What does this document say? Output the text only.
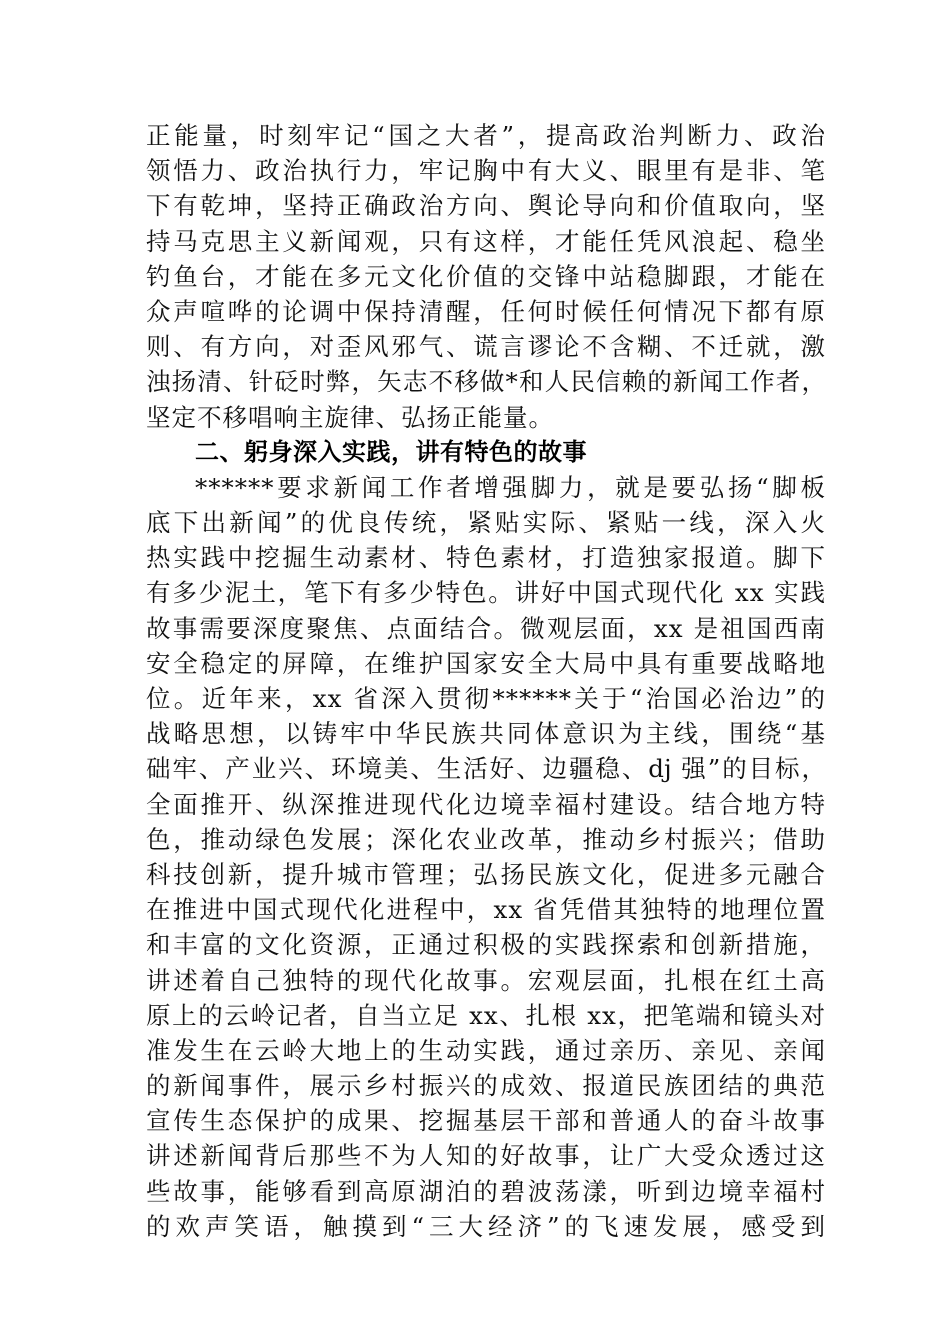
正能量，时刻牢记“国之大者”，提高政治判断力、政治
领悟力、政治执行力，牢记胸中有大义、眼里有是非、笔
下有乾坤，坚持正确政治方向、舆论导向和价值取向，坚
持马克思主义新闻观，只有这样，才能任凭风浪起、稳坐
钓鱼台，才能在多元文化价值的交锋中站稳脚跟，才能在
众声喧哗的论调中保持清醒，任何时候任何情况下都有原
则、有方向，对歪风邪气、谎言谬论不含糊、不迁就，激
浊扬清、针砭时弊，矢志不移做*和人民信赖的新闻工作者，
坚定不移唱响主旋律、弘扬正能量。
二、躬身深入实践，讲有特色的故事
******要求新闻工作者增强脚力，就是要弘扬“脚板
底下出新闻”的优良传统，紧贴实际、紧贴一线，深入火
热实践中挖掘生动素材、特色素材，打造独家报道。脚下
有多少泥土，笔下有多少特色。讲好中国式现代化 xx 实践
故事需要深度聚焦、点面结合。微观层面，xx 是祖国西南
安全稳定的屏障，在维护国家安全大局中具有重要战略地
位。近年来，xx 省深入贯彻******关于“治国必治边”的
战略思想，以铸牢中华民族共同体意识为主线，围绕“基
础牢、产业兴、环境美、生活好、边疆稳、dj 强”的目标，
全面推开、纵深推进现代化边境幸福村建设。结合地方特
色，推动绿色发展；深化农业改革，推动乡村振兴；借助
科技创新，提升城市管理；弘扬民族文化，促进多元融合
在推进中国式现代化进程中，xx 省凭借其独特的地理位置
和丰富的文化资源，正通过积极的实践探索和创新措施，
讲述着自己独特的现代化故事。宏观层面，扎根在红土高
原上的云岭记者，自当立足 xx、扎根 xx，把笔端和镜头对
准发生在云岭大地上的生动实践，通过亲历、亲见、亲闻
的新闻事件，展示乡村振兴的成效、报道民族团结的典范
宣传生态保护的成果、挖掘基层干部和普通人的奋斗故事
讲述新闻背后那些不为人知的好故事，让广大受众透过这
些故事，能够看到高原湖泊的碧波荡漾，听到边境幸福村
的欢声笑语，触摸到“三大经济”的飞速发展，感受到
